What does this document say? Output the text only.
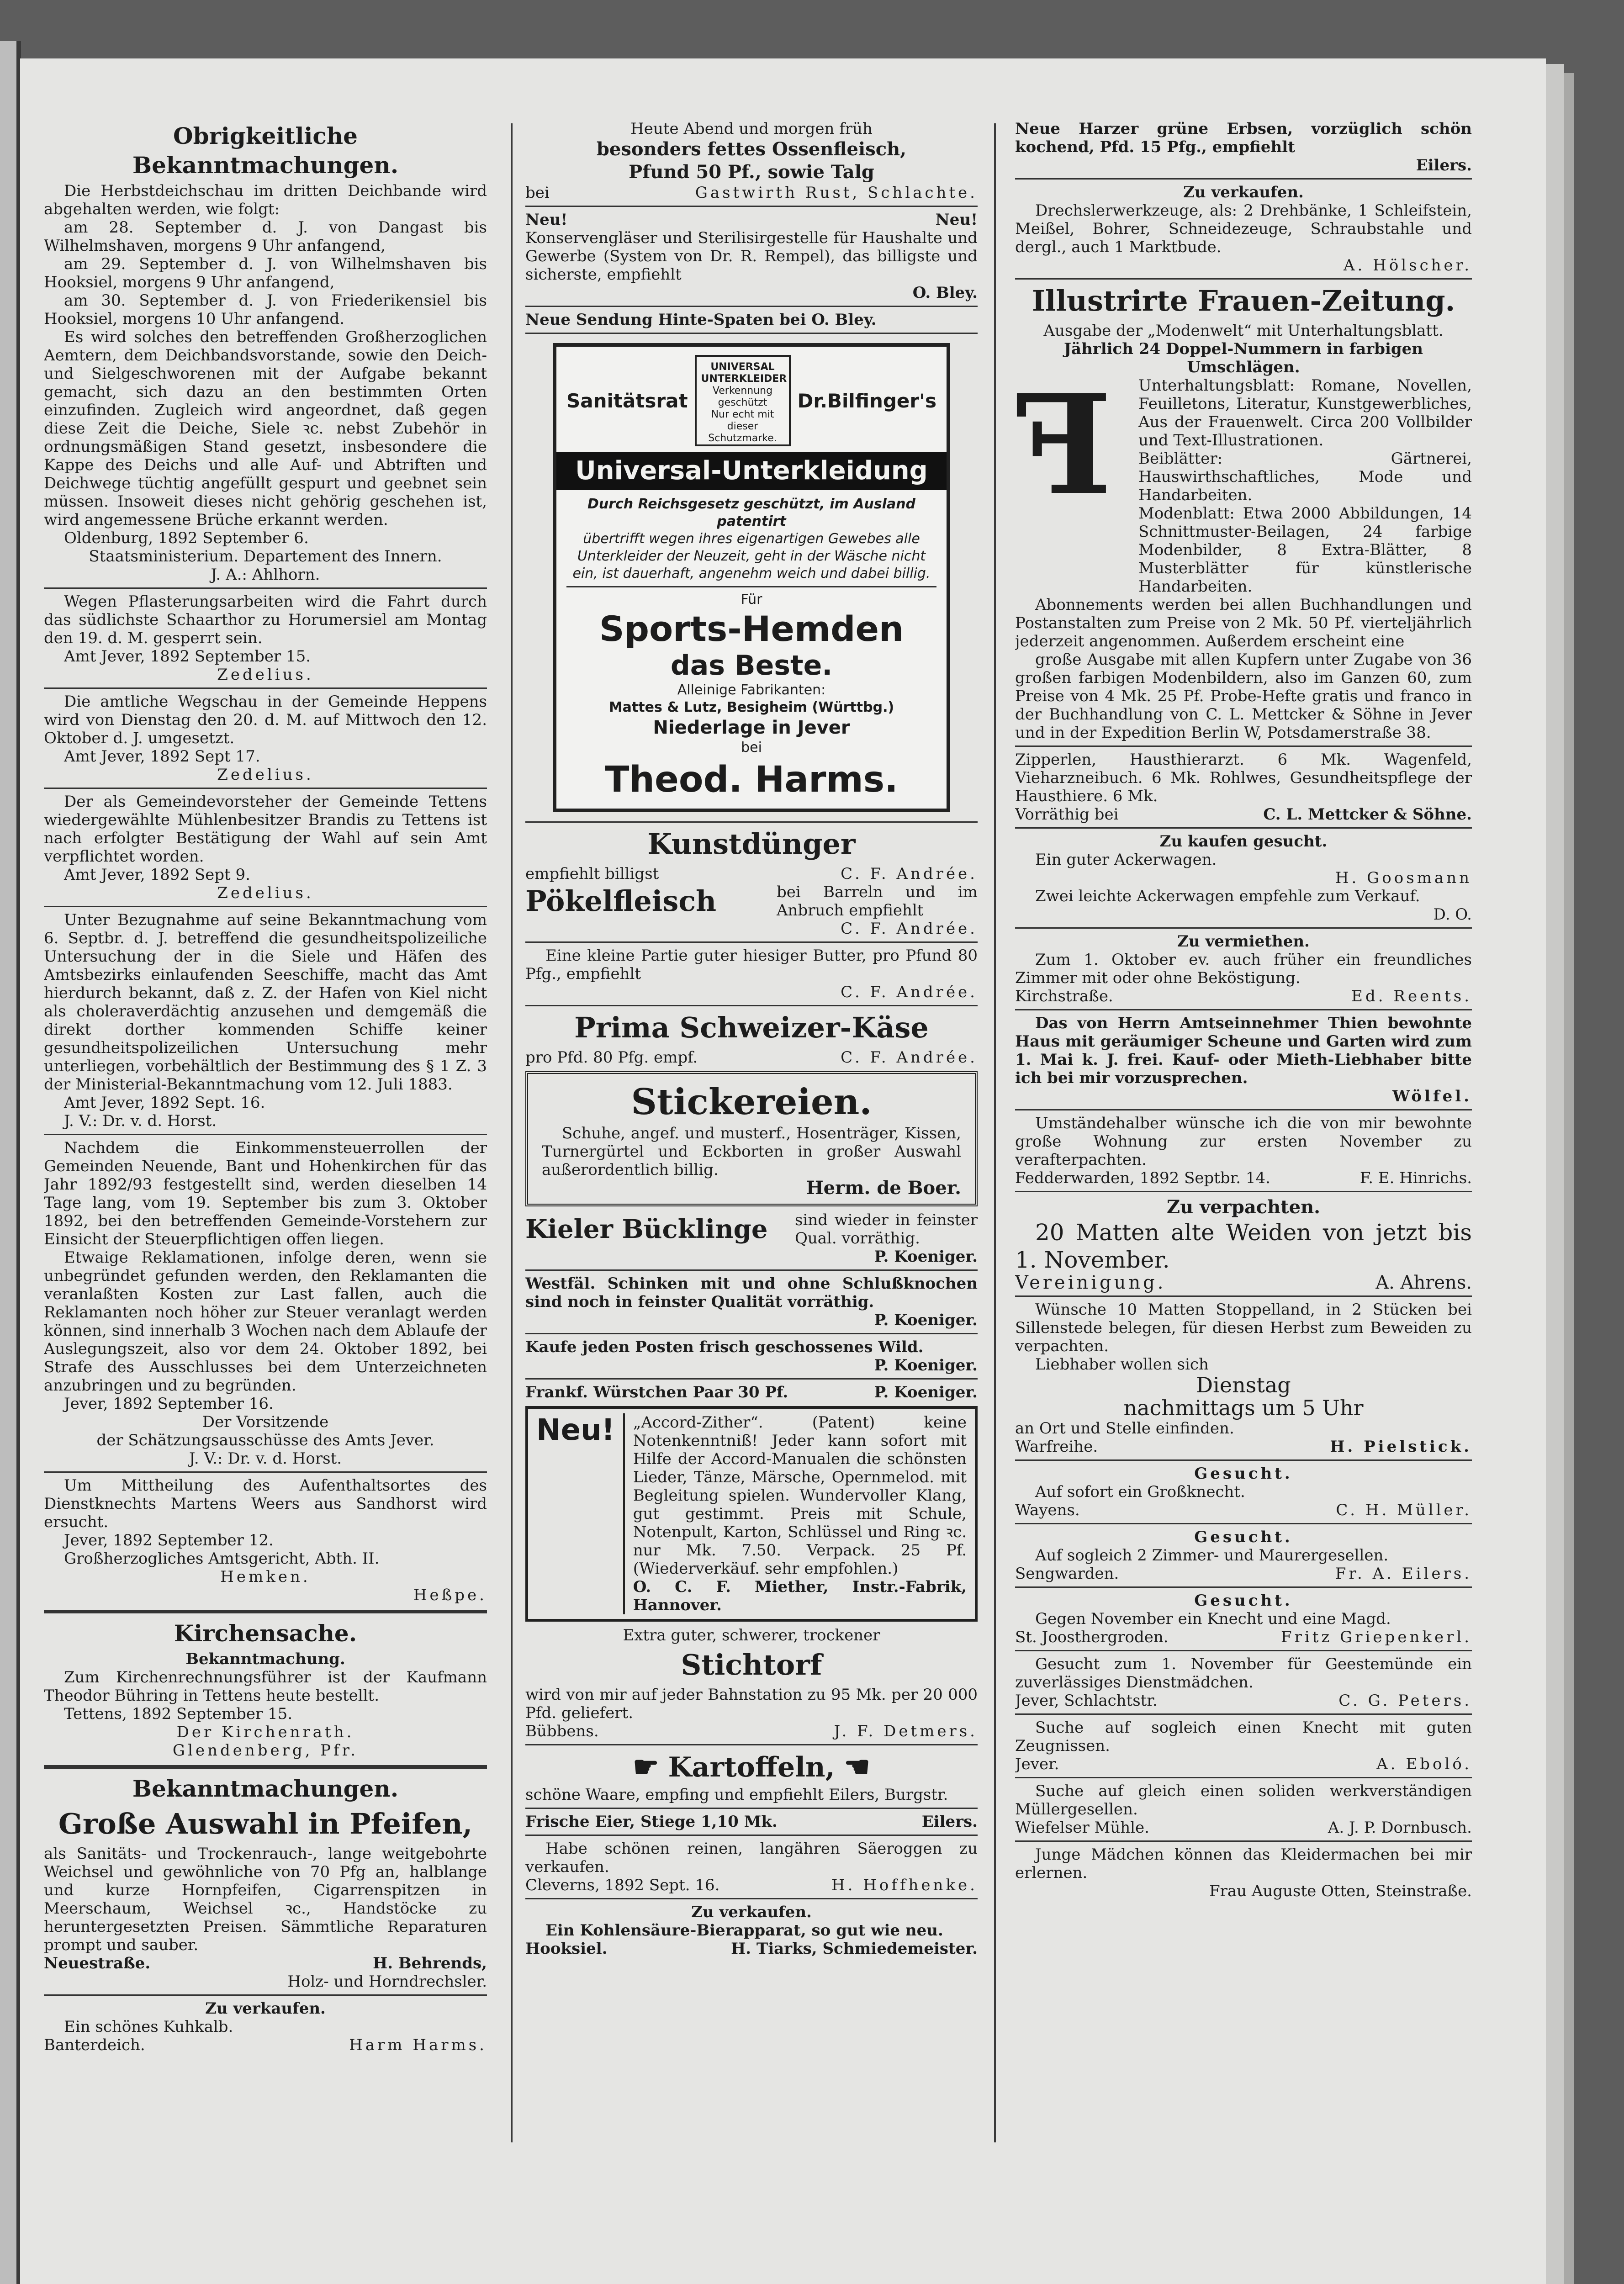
Obrigkeitliche Bekanntmachungen.

Die Herbstdeichschau im dritten Deichbande wird abgehalten werden, wie folgt:

am 28. September d. J. von Dangast bis Wilhelmshaven, morgens 9 Uhr anfangend,

am 29. September d. J. von Wilhelmshaven bis Hooksiel, morgens 9 Uhr anfangend,

am 30. September d. J. von Friederikensiel bis Hooksiel, morgens 10 Uhr anfangend.

Es wird solches den betreffenden Großherzoglichen Aemtern, dem Deichbandsvorstande, sowie den Deich- und Sielgeschworenen mit der Aufgabe bekannt gemacht, sich dazu an den bestimmten Orten einzufinden. Zugleich wird angeordnet, daß gegen diese Zeit die Deiche, Siele ꝛc. nebst Zubehör in ordnungsmäßigen Stand gesetzt, insbesondere die Kappe des Deichs und alle Auf- und Abtriften und Deichwege tüchtig angefüllt gespurt und geebnet sein müssen. Insoweit dieses nicht gehörig geschehen ist, wird angemessene Brüche erkannt werden.

Oldenburg, 1892 September 6.

Staatsministerium. Departement des Innern.

J. A.: Ahlhorn.

Wegen Pflasterungsarbeiten wird die Fahrt durch das südlichste Schaarthor zu Horumersiel am Montag den 19. d. M. gesperrt sein.

Amt Jever, 1892 September 15.

Zedelius.

Die amtliche Wegschau in der Gemeinde Heppens wird von Dienstag den 20. d. M. auf Mittwoch den 12. Oktober d. J. umgesetzt.

Amt Jever, 1892 Sept 17.

Zedelius.

Der als Gemeindevorsteher der Gemeinde Tettens wiedergewählte Mühlenbesitzer Brandis zu Tettens ist nach erfolgter Bestätigung der Wahl auf sein Amt verpflichtet worden.

Amt Jever, 1892 Sept 9.

Zedelius.

Unter Bezugnahme auf seine Bekanntmachung vom 6. Septbr. d. J. betreffend die gesundheitspolizeiliche Untersuchung der in die Siele und Häfen des Amtsbezirks einlaufenden Seeschiffe, macht das Amt hierdurch bekannt, daß z. Z. der Hafen von Kiel nicht als choleraverdächtig anzusehen und demgemäß die direkt dorther kommenden Schiffe keiner gesundheitspolizeilichen Untersuchung mehr unterliegen, vorbehältlich der Bestimmung des § 1 Z. 3 der Ministerial-Bekanntmachung vom 12. Juli 1883.

Amt Jever, 1892 Sept. 16.

J. V.: Dr. v. d. Horst.

Nachdem die Einkommensteuerrollen der Gemeinden Neuende, Bant und Hohenkirchen für das Jahr 1892/93 festgestellt sind, werden dieselben 14 Tage lang, vom 19. September bis zum 3. Oktober 1892, bei den betreffenden Gemeinde-Vorstehern zur Einsicht der Steuerpflichtigen offen liegen.

Etwaige Reklamationen, infolge deren, wenn sie unbegründet gefunden werden, den Reklamanten die veranlaßten Kosten zur Last fallen, auch die Reklamanten noch höher zur Steuer veranlagt werden können, sind innerhalb 3 Wochen nach dem Ablaufe der Auslegungszeit, also vor dem 24. Oktober 1892, bei Strafe des Ausschlusses bei dem Unterzeichneten anzubringen und zu begründen.

Jever, 1892 September 16.

Der Vorsitzende

der Schätzungsausschüsse des Amts Jever.

J. V.: Dr. v. d. Horst.

Um Mittheilung des Aufenthaltsortes des Dienstknechts Martens Weers aus Sandhorst wird ersucht.

Jever, 1892 September 12.

Großherzogliches Amtsgericht, Abth. II.

Hemken.

Heßpe.

Kirchensache.

Bekanntmachung.

Zum Kirchenrechnungsführer ist der Kaufmann Theodor Bühring in Tettens heute bestellt.

Tettens, 1892 September 15.

Der Kirchenrath.

Glendenberg, Pfr.

Bekanntmachungen.
Große Auswahl in Pfeifen,

als Sanitäts- und Trockenrauch-, lange weitgebohrte Weichsel und gewöhnliche von 70 Pfg an, halblange und kurze Hornpfeifen, Cigarrenspitzen in Meerschaum, Weichsel ꝛc., Handstöcke zu heruntergesetzten Preisen. Sämmtliche Reparaturen prompt und sauber.

Neuestraße.	H. Behrends,

Holz- und Horndrechsler.

Zu verkaufen.

Ein schönes Kuhkalb.

Banterdeich.	Harm Harms.

Heute Abend und morgen früh

besonders fettes Ossenfleisch,
Pfund 50 Pf., sowie Talg

bei	Gastwirth Rust, Schlachte.

Neu!	Neu!

Konservengläser und Sterilisirgestelle für Haushalte und Gewerbe (System von Dr. R. Rempel), das billigste und sicherste, empfiehlt

O. Bley.

Neue Sendung Hinte-Spaten bei O. Bley.

Sanitätsrat
UNIVERSAL UNTERKLEIDER
Verkennung geschützt
Nur echt mit dieser Schutzmarke.
Dr.Bilfinger's
Universal-Unterkleidung
Durch Reichsgesetz geschützt, im Ausland patentirt
übertrifft wegen ihres eigenartigen Gewebes alle Unterkleider der Neuzeit, geht in der Wäsche nicht ein, ist dauerhaft, angenehm weich und dabei billig.
Für
Sports-Hemden
das Beste.
Alleinige Fabrikanten:
Mattes & Lutz, Besigheim (Württbg.)
Niederlage in Jever
bei
Theod. Harms.
Kunstdünger

empfiehlt billigst	C. F. Andrée.

Pökelfleisch	bei Barreln und im Anbruch empfiehlt

C. F. Andrée.

Eine kleine Partie guter hiesiger Butter, pro Pfund 80 Pfg., empfiehlt

C. F. Andrée.

Prima Schweizer-Käse

pro Pfd. 80 Pfg. empf.	C. F. Andrée.

Stickereien.

Schuhe, angef. und musterf., Hosenträger, Kissen, Turnergürtel und Eckborten in großer Auswahl außerordentlich billig.

Herm. de Boer.

Kieler Bücklinge sind wieder in feinster Qual. vorräthig.

P. Koeniger.

Westfäl. Schinken mit und ohne Schlußknochen sind noch in feinster Qualität vorräthig.

P. Koeniger.

Kaufe jeden Posten frisch geschossenes Wild.

P. Koeniger.

Frankf. Würstchen Paar 30 Pf.	P. Koeniger.

Neu!	„Accord-Zither“. (Patent) keine Notenkenntniß! Jeder kann sofort mit Hilfe der Accord-Manualen die schönsten Lieder, Tänze, Märsche, Opernmelod. mit Begleitung spielen. Wundervoller Klang, gut gestimmt. Preis mit Schule, Notenpult, Karton, Schlüssel und Ring ꝛc. nur Mk. 7.50. Verpack. 25 Pf. (Wiederverkäuf. sehr empfohlen.)

O. C. F. Miether, Instr.-Fabrik, Hannover.

Extra guter, schwerer, trockener

Stichtorf

wird von mir auf jeder Bahnstation zu 95 Mk. per 20 000 Pfd. geliefert.

Bübbens.	J. F. Detmers.

☛ Kartoffeln, ☚

schöne Waare, empfing und empfiehlt Eilers, Burgstr.

Frische Eier, Stiege 1,10 Mk.	Eilers.

Habe schönen reinen, langähren Säeroggen zu verkaufen.

Cleverns, 1892 Sept. 16.	H. Hoffhenke.

Zu verkaufen.

Ein Kohlensäure-Bierapparat, so gut wie neu.

Hooksiel.	H. Tiarks, Schmiedemeister.

Neue Harzer grüne Erbsen, vorzüglich schön kochend, Pfd. 15 Pfg., empfiehlt

Eilers.

Zu verkaufen.

Drechslerwerkzeuge, als: 2 Drehbänke, 1 Schleifstein, Meißel, Bohrer, Schneidezeuge, Schraubstahle und dergl., auch 1 Marktbude.

A. Hölscher.

Illustrirte Frauen-Zeitung.

Ausgabe der „Modenwelt“ mit Unterhaltungsblatt.

Jährlich 24 Doppel-Nummern in farbigen Umschlägen.

ꟻ	Unterhaltungsblatt: Romane, Novellen, Feuilletons, Literatur, Kunstgewerbliches, Aus der Frauenwelt. Circa 200 Vollbilder und Text-Illustrationen.

Beiblätter: Gärtnerei, Hauswirthschaftliches, Mode und Handarbeiten.

Modenblatt: Etwa 2000 Abbildungen, 14 Schnittmuster-Beilagen, 24 farbige Modenbilder, 8 Extra-Blätter, 8 Musterblätter für künstlerische Handarbeiten.

Abonnements werden bei allen Buchhandlungen und Postanstalten zum Preise von 2 Mk. 50 Pf. vierteljährlich jederzeit angenommen. Außerdem erscheint eine

große Ausgabe mit allen Kupfern unter Zugabe von 36 großen farbigen Modenbildern, also im Ganzen 60, zum Preise von 4 Mk. 25 Pf. Probe-Hefte gratis und franco in der Buchhandlung von C. L. Mettcker & Söhne in Jever und in der Expedition Berlin W, Potsdamerstraße 38.

Zipperlen, Hausthierarzt. 6 Mk. Wagenfeld, Vieharzneibuch. 6 Mk. Rohlwes, Gesundheitspflege der Hausthiere. 6 Mk.

Vorräthig bei	C. L. Mettcker & Söhne.

Zu kaufen gesucht.

Ein guter Ackerwagen.

H. Goosmann

Zwei leichte Ackerwagen empfehle zum Verkauf.

D. O.

Zu vermiethen.

Zum 1. Oktober ev. auch früher ein freundliches Zimmer mit oder ohne Beköstigung.

Kirchstraße.	Ed. Reents.

Das von Herrn Amtseinnehmer Thien bewohnte Haus mit geräumiger Scheune und Garten wird zum 1. Mai k. J. frei. Kauf- oder Mieth-Liebhaber bitte ich bei mir vorzusprechen.

Wölfel.

Umständehalber wünsche ich die von mir bewohnte große Wohnung zur ersten November zu verafterpachten.

Fedderwarden, 1892 Septbr. 14.	F. E. Hinrichs.

Zu verpachten.

20 Matten alte Weiden von jetzt bis 1. November.

Vereinigung.	A. Ahrens.

Wünsche 10 Matten Stoppelland, in 2 Stücken bei Sillenstede belegen, für diesen Herbst zum Beweiden zu verpachten.

Liebhaber wollen sich

Dienstag
nachmittags um 5 Uhr

an Ort und Stelle einfinden.

Warfreihe.	H. Pielstick.

Gesucht.

Auf sofort ein Großknecht.

Wayens.	C. H. Müller.

Gesucht.

Auf sogleich 2 Zimmer- und Maurergesellen.

Sengwarden.	Fr. A. Eilers.

Gesucht.

Gegen November ein Knecht und eine Magd.

St. Joosthergroden.	Fritz Griepenkerl.

Gesucht zum 1. November für Geestemünde ein zuverlässiges Dienstmädchen.

Jever, Schlachtstr.	C. G. Peters.

Suche auf sogleich einen Knecht mit guten Zeugnissen.

Jever.	A. Eboló.

Suche auf gleich einen soliden werkverständigen Müllergesellen.

Wiefelser Mühle.	A. J. P. Dornbusch.

Junge Mädchen können das Kleidermachen bei mir erlernen.

Frau Auguste Otten, Steinstraße.
